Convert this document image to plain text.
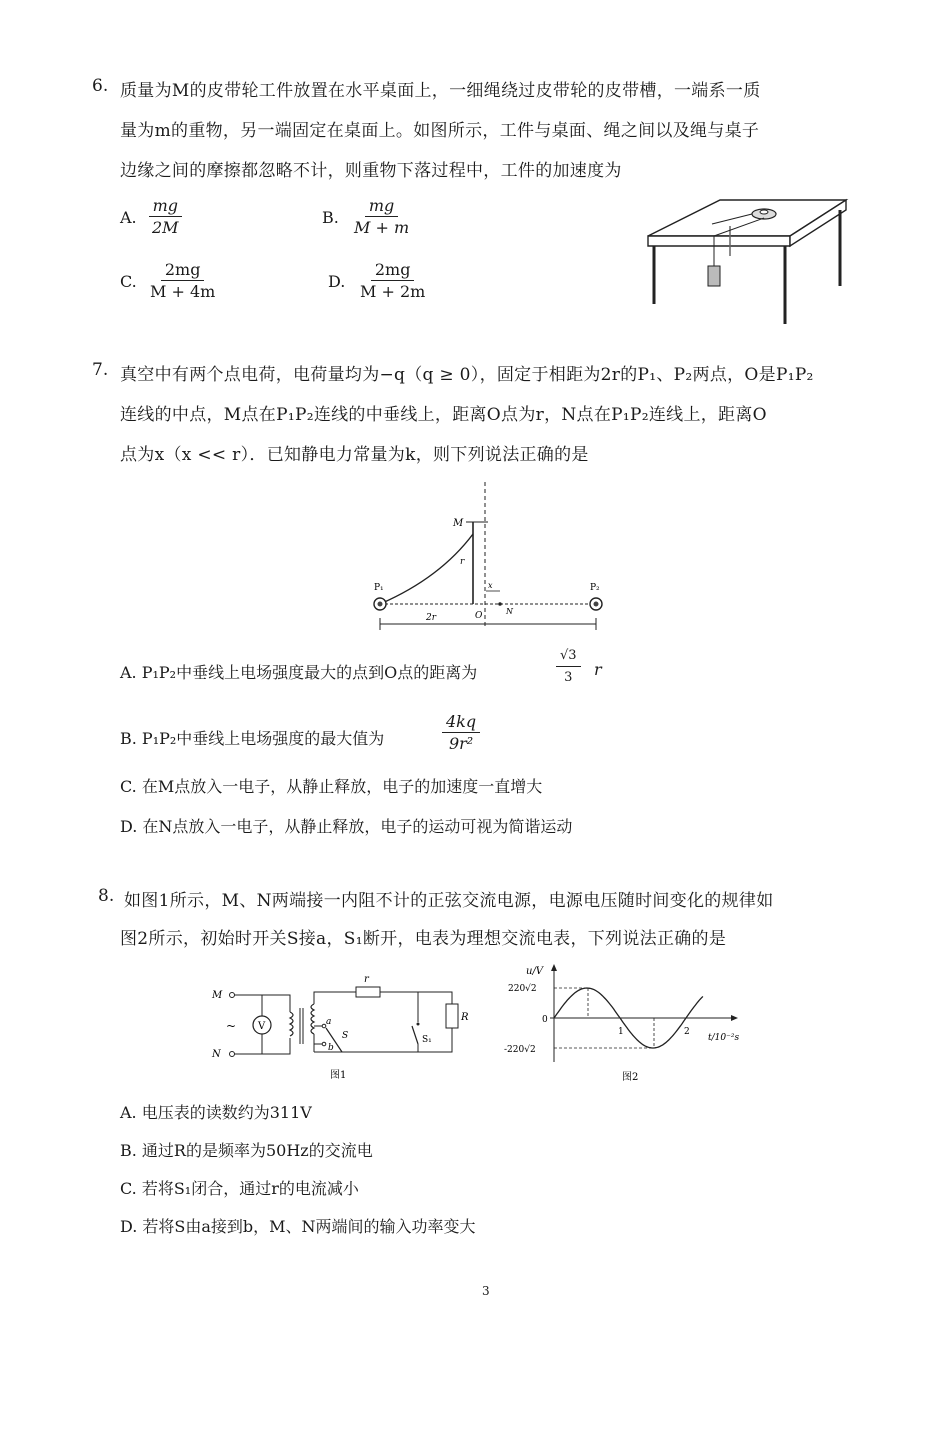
6. 质量为M的皮带轮工件放置在水平桌面上，一细绳绕过皮带轮的皮带槽，一端系一质
量为m的重物，另一端固定在桌面上。如图所示，工件与桌面、绳之间以及绳与桌子
边缘之间的摩擦都忽略不计，则重物下落过程中，工件的加速度为
A. $\frac{mg}{2M}$	B. $\frac{mg}{M + m}$
C. $\frac{2mg}{M + 4m}$	D. $\frac{2mg}{M + 2m}$
7. 真空中有两个点电荷，电荷量均为−q（q ≥ 0），固定于相距为2r的P₁、P₂两点，O是P₁P₂
连线的中点，M点在P₁P₂连线的中垂线上，距离O点为r，N点在P₁P₂连线上，距离O
点为x（x << r）．已知静电力常量为k，则下列说法正确的是
M
r
P₁	P₂
O	N
x
2r
A. P₁P₂中垂线上电场强度最大的点到O点的距离为	$\frac{√3}{3}$ r
B. P₁P₂中垂线上电场强度的最大值为	$\frac{4kq}{\text{9r²}}$
C. 在M点放入一电子，从静止释放，电子的加速度一直增大
D. 在N点放入一电子，从静止释放，电子的运动可视为简谐运动
8. 如图1所示，M、N两端接一内阻不计的正弦交流电源，电源电压随时间变化的规律如
图2所示，初始时开关S接a，S₁断开，电表为理想交流电表，下列说法正确的是
M
N
~ V
r
R
S₁
a
b
S
图1
u/V
t/10⁻²s
220√2
0
-220√2
1	2
图2
A. 电压表的读数约为311V
B. 通过R的是频率为50Hz的交流电
C. 若将S₁闭合，通过r的电流减小
D. 若将S由a接到b，M、N两端间的输入功率变大
3
